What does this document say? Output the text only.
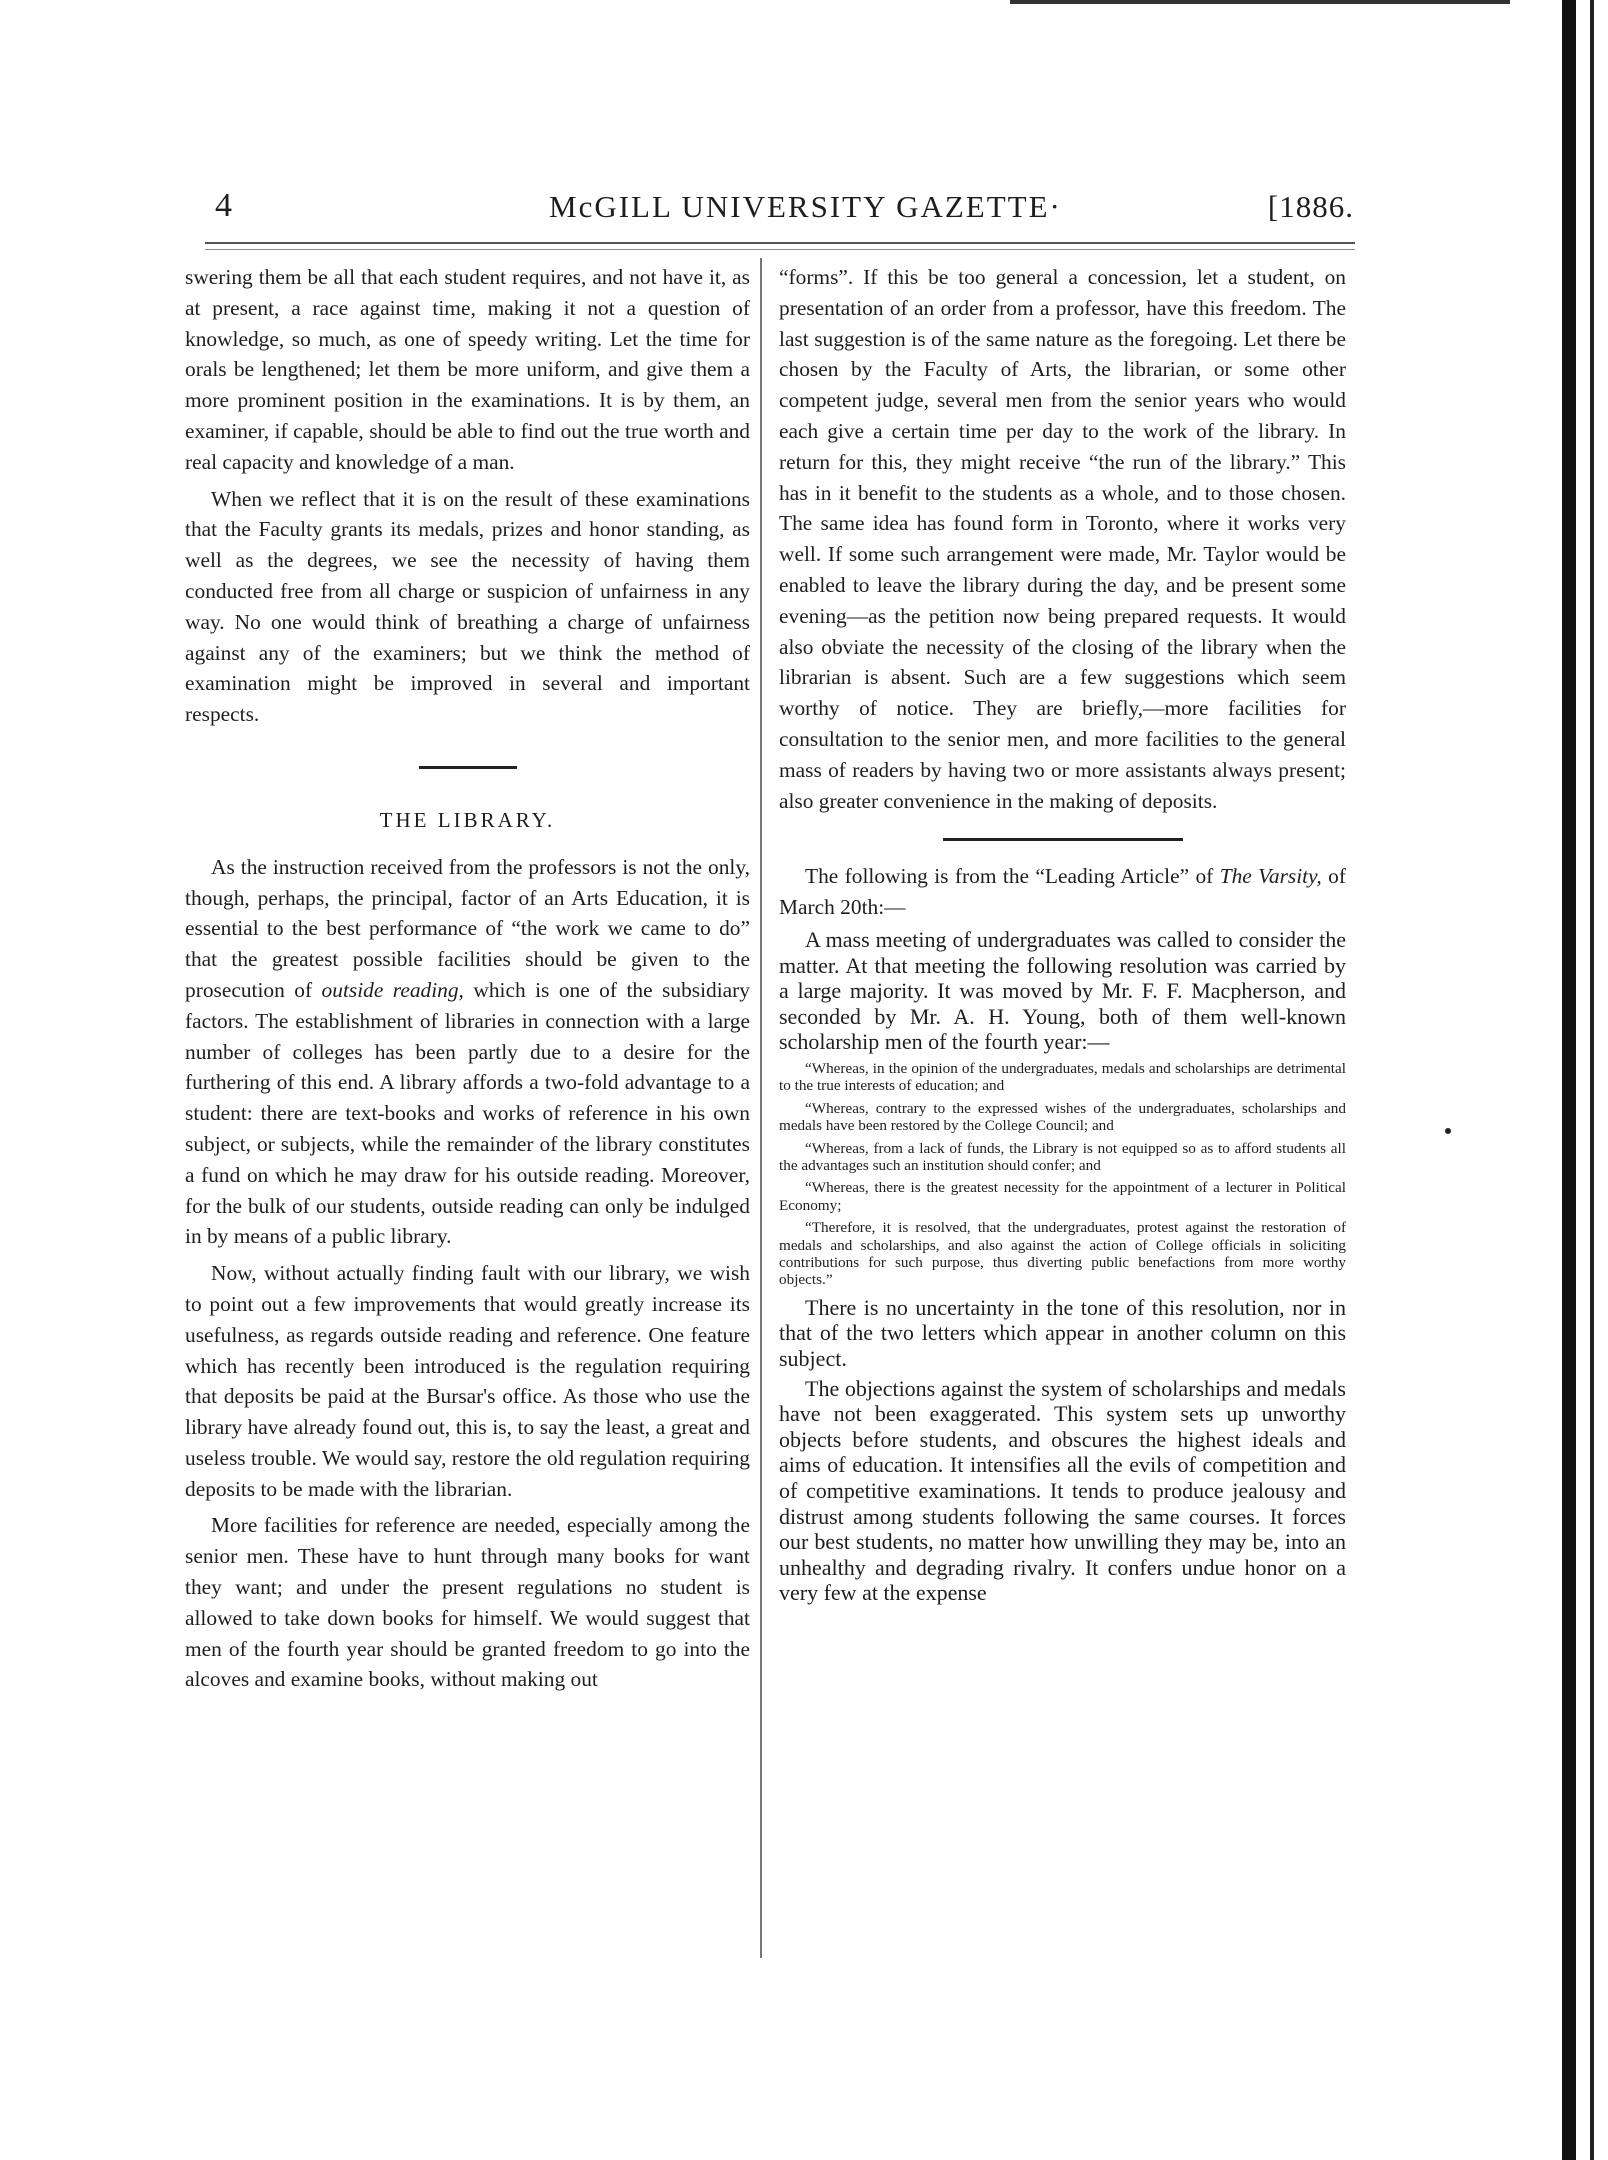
4	McGILL UNIVERSITY GAZETTE·	[1886.

swering them be all that each student requires, and not have it, as at present, a race against time, making it not a question of knowledge, so much, as one of speedy writing. Let the time for orals be lengthened; let them be more uniform, and give them a more prominent position in the examinations. It is by them, an examiner, if capable, should be able to find out the true worth and real capacity and knowledge of a man.

When we reflect that it is on the result of these examinations that the Faculty grants its medals, prizes and honor standing, as well as the degrees, we see the necessity of having them conducted free from all charge or suspicion of unfairness in any way. No one would think of breathing a charge of unfairness against any of the examiners; but we think the method of examination might be improved in several and important respects.

THE LIBRARY.

As the instruction received from the professors is not the only, though, perhaps, the principal, factor of an Arts Education, it is essential to the best performance of “the work we came to do” that the greatest possible facilities should be given to the prosecution of outside reading, which is one of the subsidiary factors. The establishment of libraries in connection with a large number of colleges has been partly due to a desire for the furthering of this end. A library affords a two-fold advantage to a student: there are text-books and works of reference in his own subject, or subjects, while the remainder of the library constitutes a fund on which he may draw for his outside reading. Moreover, for the bulk of our students, outside reading can only be indulged in by means of a public library.

Now, without actually finding fault with our library, we wish to point out a few improvements that would greatly increase its usefulness, as regards outside reading and reference. One feature which has recently been introduced is the regulation requiring that deposits be paid at the Bursar's office. As those who use the library have already found out, this is, to say the least, a great and useless trouble. We would say, restore the old regulation requiring deposits to be made with the librarian.

More facilities for reference are needed, especially among the senior men. These have to hunt through many books for want they want; and under the present regulations no student is allowed to take down books for himself. We would suggest that men of the fourth year should be granted freedom to go into the alcoves and examine books, without making out

“forms”. If this be too general a concession, let a student, on presentation of an order from a professor, have this freedom. The last suggestion is of the same nature as the foregoing. Let there be chosen by the Faculty of Arts, the librarian, or some other competent judge, several men from the senior years who would each give a certain time per day to the work of the library. In return for this, they might receive “the run of the library.” This has in it benefit to the students as a whole, and to those chosen. The same idea has found form in Toronto, where it works very well. If some such arrangement were made, Mr. Taylor would be enabled to leave the library during the day, and be present some evening—as the petition now being prepared requests. It would also obviate the necessity of the closing of the library when the librarian is absent. Such are a few suggestions which seem worthy of notice. They are briefly,—more facilities for consultation to the senior men, and more facilities to the general mass of readers by having two or more assistants always present; also greater convenience in the making of deposits.

The following is from the “Leading Article” of The Varsity, of March 20th:—

A mass meeting of undergraduates was called to consider the matter. At that meeting the following resolution was carried by a large majority. It was moved by Mr. F. F. Macpherson, and seconded by Mr. A. H. Young, both of them well-known scholarship men of the fourth year:—

“Whereas, in the opinion of the undergraduates, medals and scholarships are detrimental to the true interests of education; and

“Whereas, contrary to the expressed wishes of the undergraduates, scholarships and medals have been restored by the College Council; and

“Whereas, from a lack of funds, the Library is not equipped so as to afford students all the advantages such an institution should confer; and

“Whereas, there is the greatest necessity for the appointment of a lecturer in Political Economy;

“Therefore, it is resolved, that the undergraduates, protest against the restoration of medals and scholarships, and also against the action of College officials in soliciting contributions for such purpose, thus diverting public benefactions from more worthy objects.”

There is no uncertainty in the tone of this resolution, nor in that of the two letters which appear in another column on this subject.

The objections against the system of scholarships and medals have not been exaggerated. This system sets up unworthy objects before students, and obscures the highest ideals and aims of education. It intensifies all the evils of competition and of competitive examinations. It tends to produce jealousy and distrust among students following the same courses. It forces our best students, no matter how unwilling they may be, into an unhealthy and degrading rivalry. It confers undue honor on a very few at the expense
